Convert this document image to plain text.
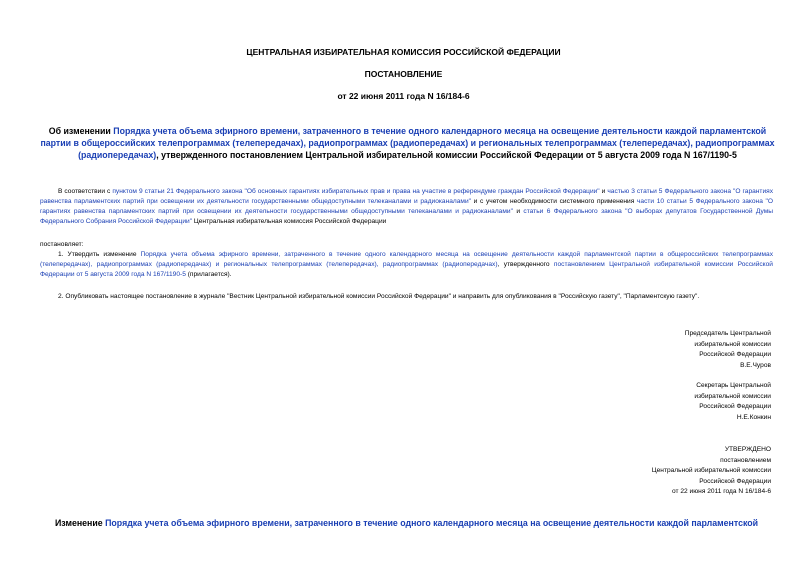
ЦЕНТРАЛЬНАЯ ИЗБИРАТЕЛЬНАЯ КОМИССИЯ РОССИЙСКОЙ ФЕДЕРАЦИИ
ПОСТАНОВЛЕНИЕ
от 22 июня 2011 года N 16/184-6
Об изменении Порядка учета объема эфирного времени, затраченного в течение одного календарного месяца на освещение деятельности каждой парламентской партии в общероссийских телепрограммах (телепередачах), радиопрограммах (радиопередачах) и региональных телепрограммах (телепередачах), радиопрограммах (радиопередачах), утвержденного постановлением Центральной избирательной комиссии Российской Федерации от 5 августа 2009 года N 167/1190-5
В соответствии с пунктом 9 статьи 21 Федерального закона "Об основных гарантиях избирательных прав и права на участие в референдуме граждан Российской Федерации" и частью 3 статьи 5 Федерального закона "О гарантиях равенства парламентских партий при освещении их деятельности государственными общедоступными телеканалами и радиоканалами" и с учетом необходимости системного применения части 10 статьи 5 Федерального закона "О гарантиях равенства парламентских партий при освещении их деятельности государственными общедоступными телеканалами и радиоканалами" и статьи 6 Федерального закона "О выборах депутатов Государственной Думы Федерального Собрания Российской Федерации" Центральная избирательная комиссия Российской Федерации
постановляет:
1. Утвердить изменение Порядка учета объема эфирного времени, затраченного в течение одного календарного месяца на освещение деятельности каждой парламентской партии в общероссийских телепрограммах (телепередачах), радиопрограммах (радиопередачах) и региональных телепрограммах (телепередачах), радиопрограммах (радиопередачах), утвержденного постановлением Центральной избирательной комиссии Российской Федерации от 5 августа 2009 года N 167/1190-5 (прилагается).
2. Опубликовать настоящее постановление в журнале "Вестник Центральной избирательной комиссии Российской Федерации" и направить для опубликования в "Российскую газету", "Парламентскую газету".
Председатель Центральной
избирательной комиссии
Российской Федерации
В.Е.Чуров
Секретарь Центральной
избирательной комиссии
Российской Федерации
Н.Е.Конкин
УТВЕРЖДЕНО
постановлением
Центральной избирательной комиссии
Российской Федерации
от 22 июня 2011 года N 16/184-6
Изменение Порядка учета объема эфирного времени, затраченного в течение одного календарного месяца на освещение деятельности каждой парламентской
